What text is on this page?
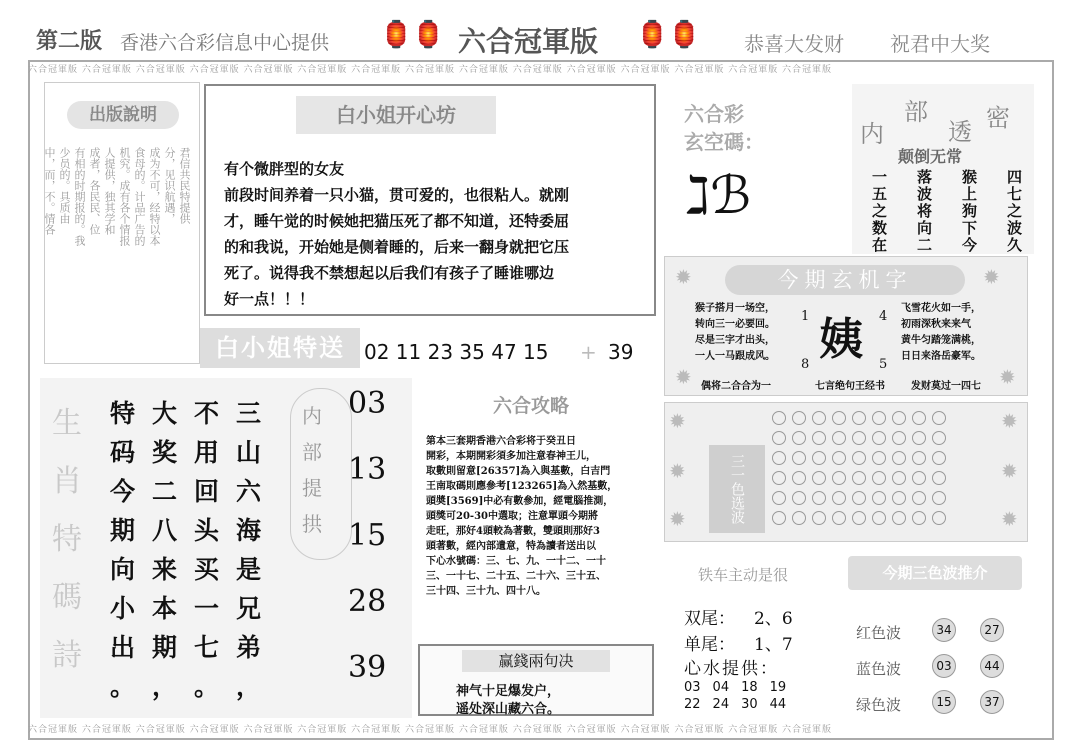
第二版 香港六合彩信息中心提供 🏮🏮 六合冠軍版 🏮🏮 恭喜大发财 祝君中大奖
六合冠軍版 六合冠軍版 六合冠軍版 六合冠軍版 六合冠軍版 六合冠軍版 六合冠軍版 六合冠軍版 六合冠軍版 六合冠軍版 六合冠軍版 六合冠軍版 六合冠軍版 六合冠軍版 六合冠軍版
六合冠軍版 六合冠軍版 六合冠軍版 六合冠軍版 六合冠軍版 六合冠軍版 六合冠軍版 六合冠軍版 六合冠軍版 六合冠軍版 六合冠軍版 六合冠軍版 六合冠軍版 六合冠軍版 六合冠軍版
出版說明
君信共民特提供
分，见识航遇，
成为不可，经特以本
食母的。计品广告的
机究。成有各个情报
人提供，独其学和
成者，各民民、位
有相的时期报的。我
少员的。具质由
中，而，不。情各
白小姐开心坊
有个微胖型的女友
前段时间养着一只小猫，贯可爱的，也很粘人。就刚
才，睡午觉的时候她把猫压死了都不知道，还特委屈
的和我说，开始她是侧着睡的，后来一翻身就把它压
死了。说得我不禁想起以后我们有孩子了睡谁哪边
好一点！！！
白小姐特送 02 11 23 35 47 15 + 39
六合彩
玄空碼：
ℷℬ
内
部
透 密
颠倒无常
一 落 猴 四
五 波 上 七
之 将 狗 之
数 向 下 波
在 二 今 久
✹	✹
✹	✹
今期玄机字
猴子搭月一场空，
转向三一必要回。
尽是三字才出头，
一人一马跟成风。
1
8 姨 4
5
飞雪花火如一手，
初雨深秋来来气
黄牛匀踏笼满桃，
日日来洛岳豪军。
偶将二合合为一	七言绝句王经书	发财莫过一四七
生
肖
特
碼
詩
特
码
今
期
向
小
出
。
大
奖
二
八
来
本
期
，
不
用
回
头
买
一
七
。
三
山
六
海
是
兄
弟
，
内
部
提
拱
03
13
15
28
39
六合攻略
第本三套期香港六合彩将于癸丑日
開彩，本期開彩須多加注意春神王儿，
取數則留意[26357]為入與基數，白吉門
王南取碼則應參考[123265]為入然基數，
頭奬[3569]中必有數參加，經電腦推測，
頭獎可20-30中選取；注意單頭今期將
走旺，那好4頭較為著數，雙頭則那好3
頭著數，經內部遺意，特為讀者送出以
下心水號碼：三、七、九、一十二、一十
三、一十七、二十五、二十六、三十五、
三十四、三十九、四十八。
赢錢兩句决
神气十足爆发户，
遥处深山藏六合。
✹
✹
✹
✹
✹
✹
三一色选波
铁车主动是很
双尾： 2、6
单尾： 1、7
心水提供：
03 04 18 19
22 24 30 44
今期三色波推介
红色波	34	27
蓝色波	03	44
绿色波	15	37
